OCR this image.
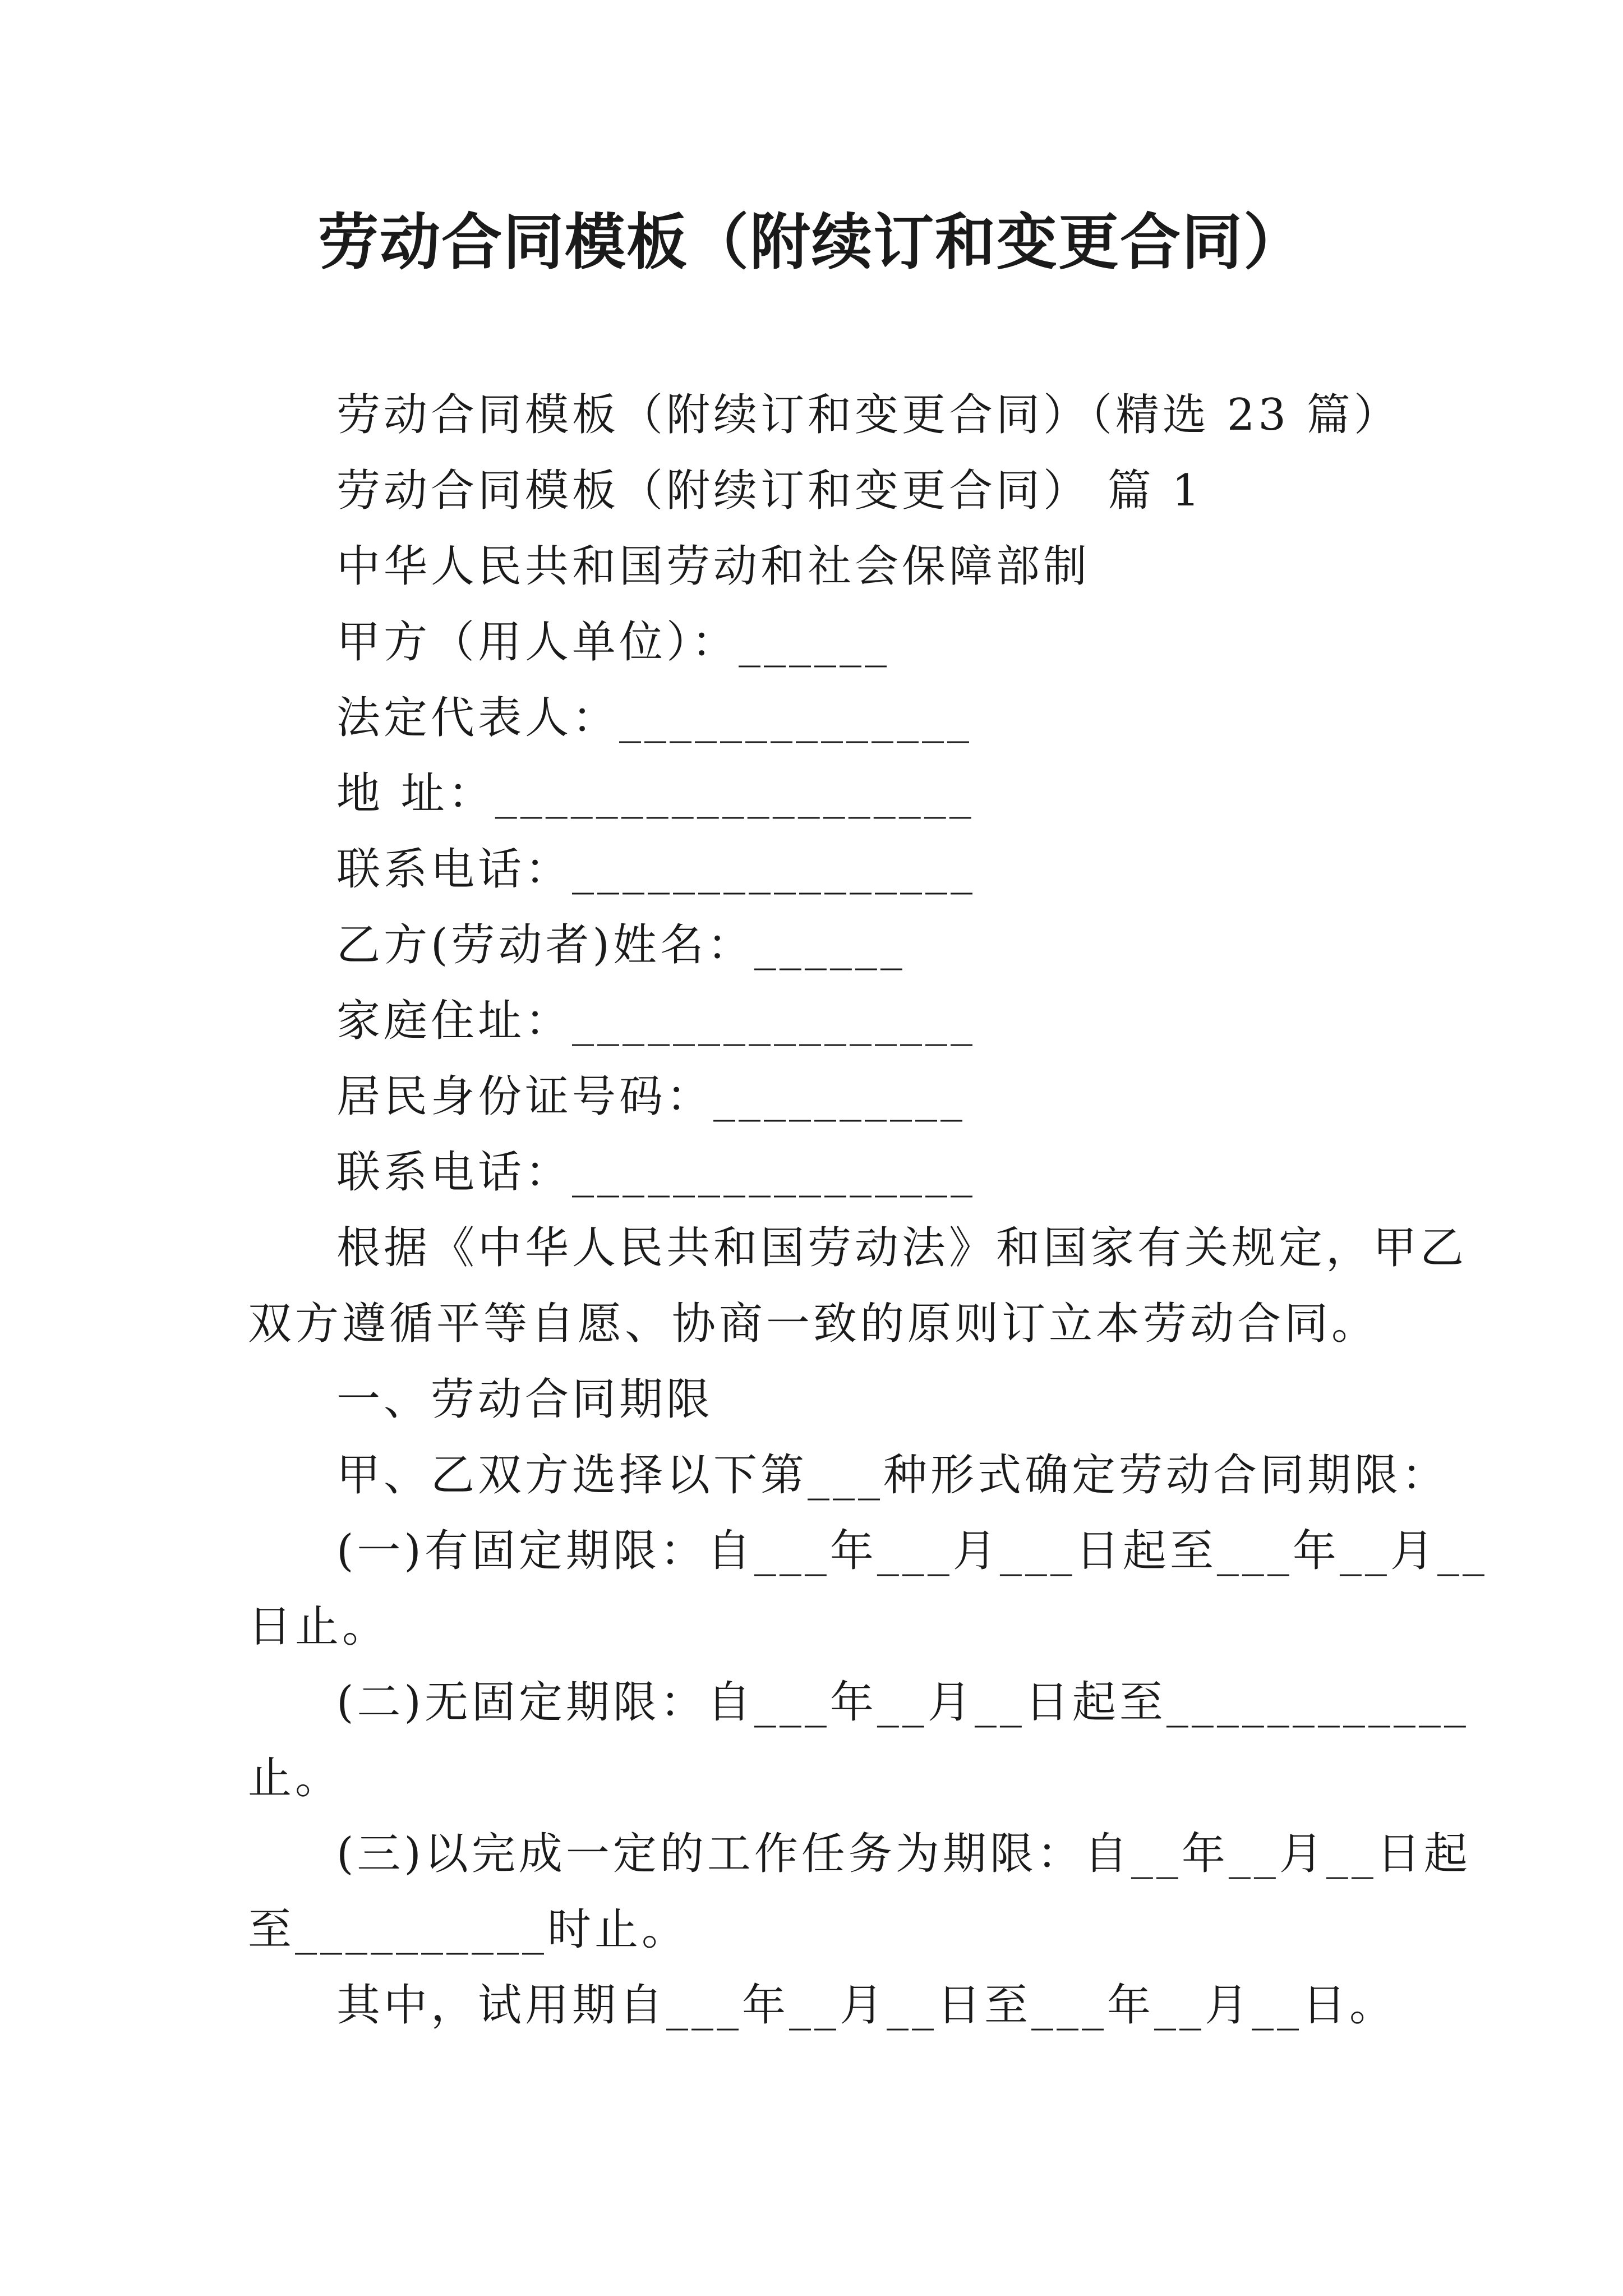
劳动合同模板（附续订和变更合同）
劳动合同模板（附续订和变更合同）（精选 23 篇）
劳动合同模板（附续订和变更合同） 篇 1
中华人民共和国劳动和社会保障部制
甲方（用人单位）：______
法定代表人：______________
地 址：___________________
联系电话：________________
乙方(劳动者)姓名：______
家庭住址：________________
居民身份证号码：__________
联系电话：________________
根据《中华人民共和国劳动法》和国家有关规定，甲乙
双方遵循平等自愿、协商一致的原则订立本劳动合同。
一、劳动合同期限
甲、乙双方选择以下第___种形式确定劳动合同期限：
(一)有固定期限：自___年___月___日起至___年__月__
日止。
(二)无固定期限：自___年__月__日起至____________
止。
(三)以完成一定的工作任务为期限：自__年__月__日起
至__________时止。
其中，试用期自___年__月__日至___年__月__日。
